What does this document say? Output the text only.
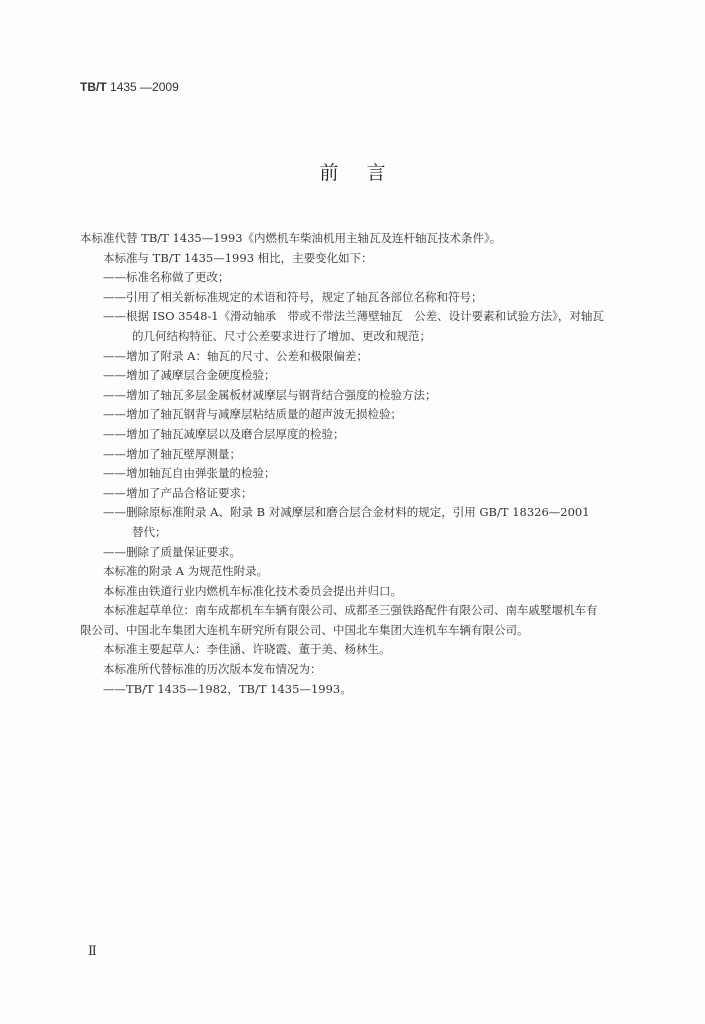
TB/T 1435 —2009
前言

本标准代替 TB/T 1435—1993《内燃机车柴油机用主轴瓦及连杆轴瓦技术条件》。

本标准与 TB/T 1435—1993 相比，主要变化如下：

——标准名称做了更改；

——引用了相关新标准规定的术语和符号，规定了轴瓦各部位名称和符号；

——根据 ISO 3548-1《滑动轴承　带或不带法兰薄壁轴瓦　公差、设计要素和试验方法》，对轴瓦

的几何结构特征、尺寸公差要求进行了增加、更改和规范；

——增加了附录 A：轴瓦的尺寸、公差和极限偏差；

——增加了减摩层合金硬度检验；

——增加了轴瓦多层金属板材减摩层与钢背结合强度的检验方法；

——增加了轴瓦钢背与减摩层粘结质量的超声波无损检验；

——增加了轴瓦减摩层以及磨合层厚度的检验；

——增加了轴瓦壁厚测量；

——增加轴瓦自由弹张量的检验；

——增加了产品合格证要求；

——删除原标准附录 A、附录 B 对减摩层和磨合层合金材料的规定，引用 GB/T 18326—2001

替代；

——删除了质量保证要求。

本标准的附录 A 为规范性附录。

本标准由铁道行业内燃机车标准化技术委员会提出并归口。

本标准起草单位：南车成都机车车辆有限公司、成都圣三强铁路配件有限公司、南车戚墅堰机车有

限公司、中国北车集团大连机车研究所有限公司、中国北车集团大连机车车辆有限公司。

本标准主要起草人：李佳涵、许晓霞、董于美、杨林生。

本标准所代替标准的历次版本发布情况为：

——TB/T 1435—1982，TB/T 1435—1993。

Ⅱ
